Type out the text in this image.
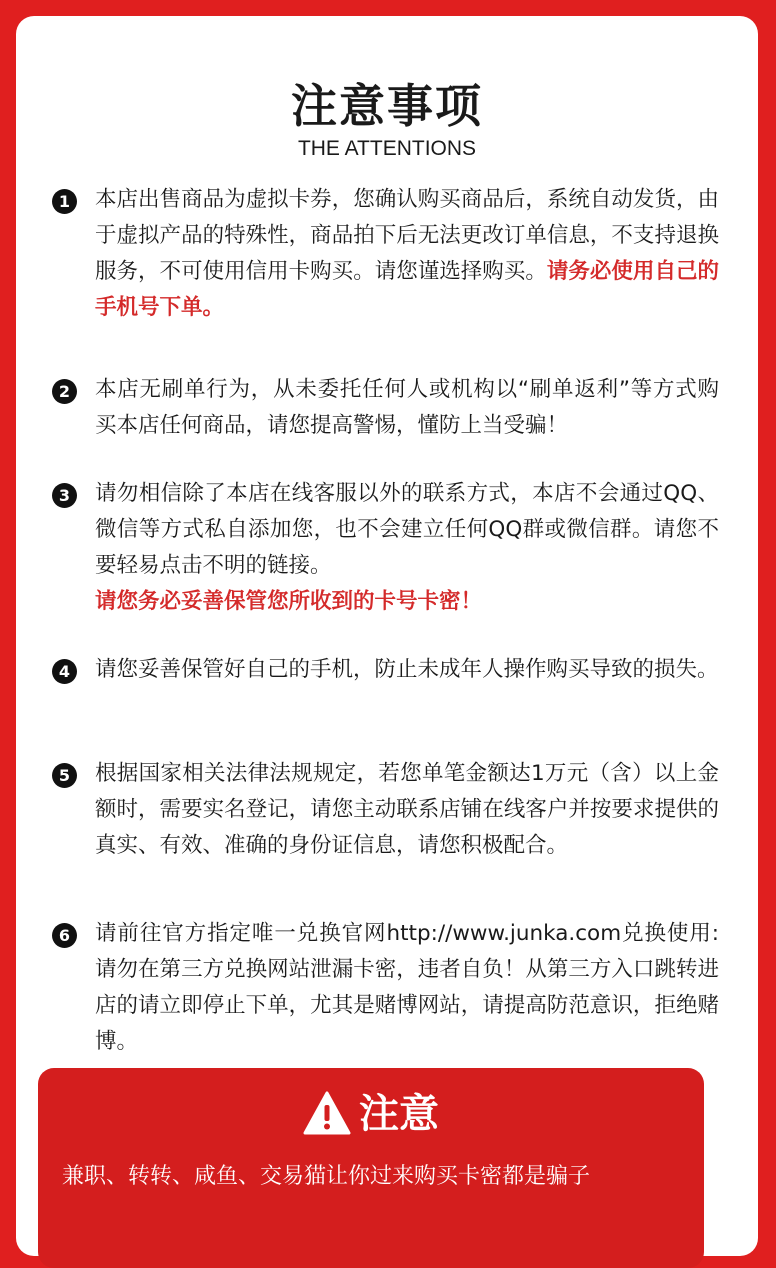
注意事项
THE ATTENTIONS
1	本店出售商品为虚拟卡券，您确认购买商品后，系统自动发货，由于虚拟产品的特殊性，商品拍下后无法更改订单信息，不支持退换服务，不可使用信用卡购买。请您谨选择购买。请务必使用自己的手机号下单。

2	本店无刷单行为，从未委托任何人或机构以“刷单返利”等方式购买本店任何商品，请您提高警惕，懂防上当受骗！

3	请勿相信除了本店在线客服以外的联系方式，本店不会通过QQ、微信等方式私自添加您，也不会建立任何QQ群或微信群。请您不要轻易点击不明的链接。
请您务必妥善保管您所收到的卡号卡密！

4	请您妥善保管好自己的手机，防止未成年人操作购买导致的损失。

5	根据国家相关法律法规规定，若您单笔金额达1万元（含）以上金额时，需要实名登记，请您主动联系店铺在线客户并按要求提供的真实、有效、准确的身份证信息，请您积极配合。

6	请前往官方指定唯一兑换官网http://www.junka.com兑换使用: 请勿在第三方兑换网站泄漏卡密，违者自负！从第三方入口跳转进店的请立即停止下单，尤其是赌博网站，请提高防范意识，拒绝赌博。

注意
兼职、转转、咸鱼、交易猫让你过来购买卡密都是骗子
